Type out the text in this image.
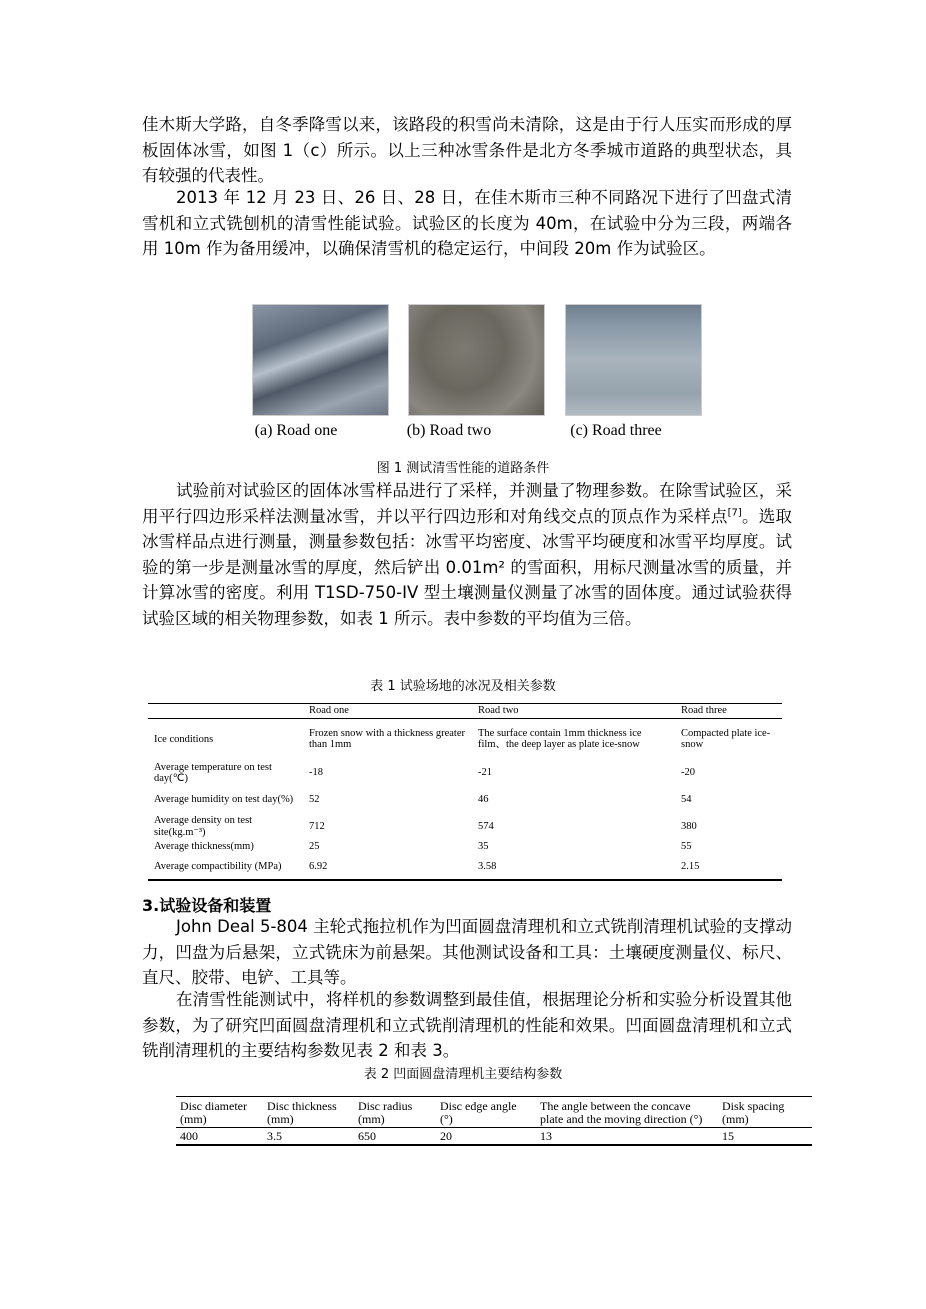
佳木斯大学路，自冬季降雪以来，该路段的积雪尚未清除，这是由于行人压实而形成的厚板固体冰雪，如图 1（c）所示。以上三种冰雪条件是北方冬季城市道路的典型状态，具有较强的代表性。

2013 年 12 月 23 日、26 日、28 日，在佳木斯市三种不同路况下进行了凹盘式清雪机和立式铣刨机的清雪性能试验。试验区的长度为 40m，在试验中分为三段，两端各用 10m 作为备用缓冲，以确保清雪机的稳定运行，中间段 20m 作为试验区。

(a) Road one	(b) Road two	(c) Road three
图 1 测试清雪性能的道路条件

试验前对试验区的固体冰雪样品进行了采样，并测量了物理参数。在除雪试验区，采用平行四边形采样法测量冰雪，并以平行四边形和对角线交点的顶点作为采样点[7]。选取冰雪样品点进行测量，测量参数包括：冰雪平均密度、冰雪平均硬度和冰雪平均厚度。试验的第一步是测量冰雪的厚度，然后铲出 0.01m² 的雪面积，用标尺测量冰雪的质量，并计算冰雪的密度。利用 T1SD-750-IV 型土壤测量仪测量了冰雪的固体度。通过试验获得试验区域的相关物理参数，如表 1 所示。表中参数的平均值为三倍。

表 1 试验场地的冰况及相关参数
	Road one	Road two	Road three
Ice conditions	Frozen snow with a thickness greater than 1mm	The surface contain 1mm thickness ice film、the deep layer as plate ice-snow	Compacted plate ice-snow
Average temperature on test day(℃)	-18	-21	-20
Average humidity on test day(%)	52	46	54
Average density on test site(kg.m⁻³)	712	574	380
Average thickness(mm)	25	35	55
Average compactibility (MPa)	6.92	3.58	2.15
3.试验设备和装置

John Deal 5-804 主轮式拖拉机作为凹面圆盘清理机和立式铣削清理机试验的支撑动力，凹盘为后悬架，立式铣床为前悬架。其他测试设备和工具：土壤硬度测量仪、标尺、直尺、胶带、电铲、工具等。

在清雪性能测试中，将样机的参数调整到最佳值，根据理论分析和实验分析设置其他参数，为了研究凹面圆盘清理机和立式铣削清理机的性能和效果。凹面圆盘清理机和立式铣削清理机的主要结构参数见表 2 和表 3。

表 2 凹面圆盘清理机主要结构参数
Disc diameter (mm)	Disc thickness (mm)	Disc radius (mm)	Disc edge angle (°)	The angle between the concave plate and the moving direction (°)	Disk spacing (mm)
400	3.5	650	20	13	15
